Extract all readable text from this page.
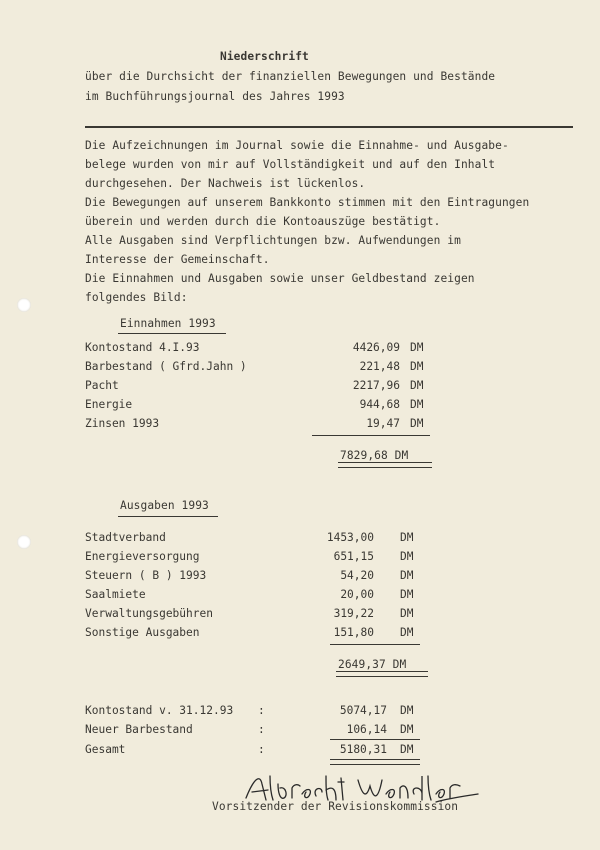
Niederschrift
über die Durchsicht der finanziellen Bewegungen und Bestände
im Buchführungsjournal des Jahres 1993
Die Aufzeichnungen im Journal sowie die Einnahme- und Ausgabe-
belege wurden von mir auf Vollständigkeit und auf den Inhalt
durchgesehen. Der Nachweis ist lückenlos.
Die Bewegungen auf unserem Bankkonto stimmen mit den Eintragungen
überein und werden durch die Kontoauszüge bestätigt.
Alle Ausgaben sind Verpflichtungen bzw. Aufwendungen im
Interesse der Gemeinschaft.
Die Einnahmen und Ausgaben sowie unser Geldbestand zeigen
folgendes Bild:
Einnahmen 1993
Kontostand 4.I.93	4426,09 DM
Barbestand ( Gfrd.Jahn )	221,48 DM
Pacht	2217,96 DM
Energie	944,68 DM
Zinsen 1993	19,47 DM
7829,68 DM
Ausgaben 1993
Stadtverband	1453,00 DM
Energieversorgung	651,15 DM
Steuern ( B ) 1993	54,20 DM
Saalmiete	20,00 DM
Verwaltungsgebühren	319,22 DM
Sonstige Ausgaben	151,80 DM
2649,37 DM
Kontostand v. 31.12.93 :	5074,17 DM
Neuer Barbestand	:	106,14 DM
Gesamt	:	5180,31 DM
Vorsitzender der Revisionskommission
